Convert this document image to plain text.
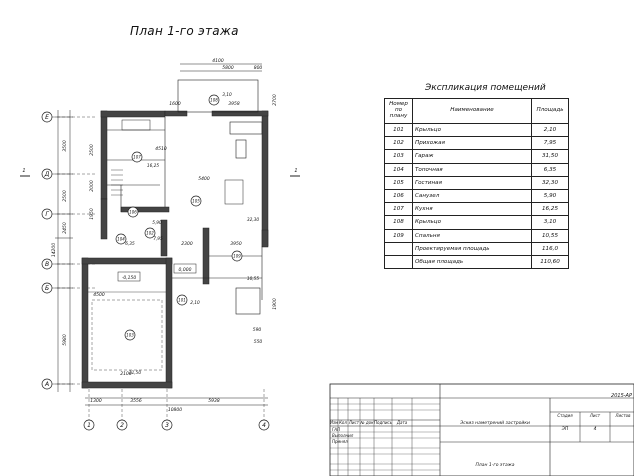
План 1-го этажа
Экспликация помещений
Номер по плану	Наименование	Площадь
101	Крыльцо	2,10
102	Прихожая	7,95
103	Гараж	31,50
104	Топочная	6,35
105	Гостиная	32,30
106	Санузел	5,90
107	Кухня	16,25
108	Крыльцо	3,10
109	Спальня	10,55
	Проектируемая площадь	116,0
	Общая площадь	110,60
Е
Д
Г
В
Б
А
1	2	3	4
3500
2500
2450
5980
14200
1300	3556	5938
10800
4100
5800	800
101
102
103
104
105
106
107
108
109
2,10
7,95
31,50
6,35
32,30
5,90
16,25
3,10
10,55
-0,150
0,000
4500
2100
3950
2300
5400
1600	3958	2700
4510
2000
1950
2500
1900
590
550
1	1
2015-АР
Изм Кол Лист № док Подпись Дата
ГАП
Выполнил
Принял
Эскиз наметрений застройки
План 1-го этажа
Стадия	Лист	Листов
ЭП	4
